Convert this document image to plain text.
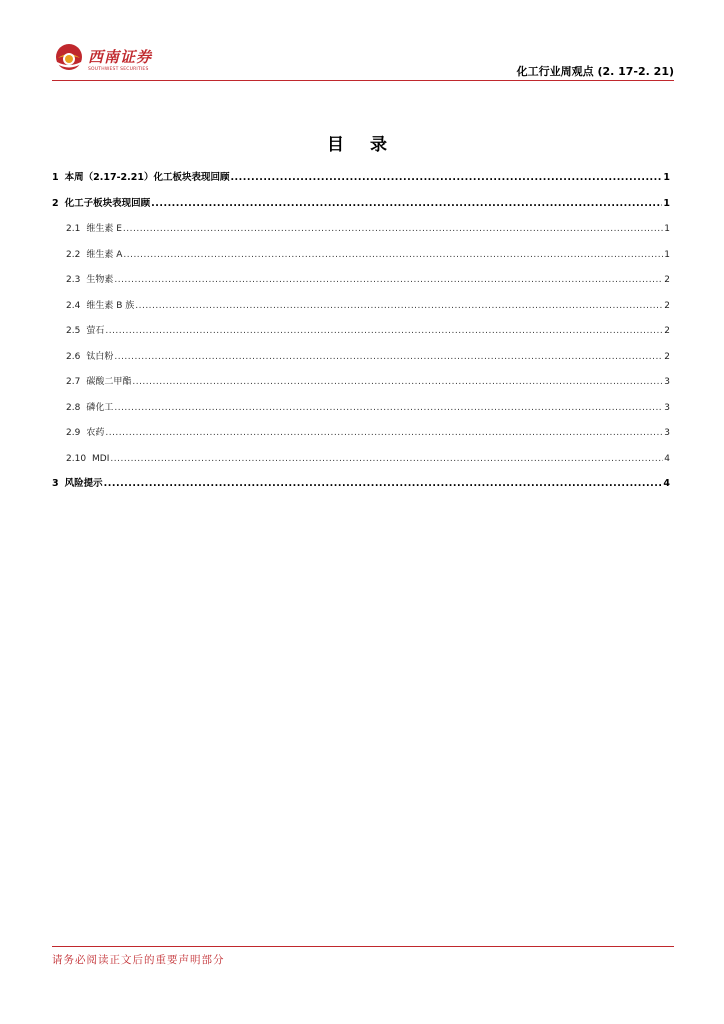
西南证券
SOUTHWEST SECURITIES	化工行业周观点 (2. 17-2. 21)
目 录
1 本周（2.17-2.21）化工板块表现回顾 .....	1
2 化工子板块表现回顾 .....	1
2.1 维生素 E .....	1
2.2 维生素 A .....	1
2.3 生物素 .....	2
2.4 维生素 B 族 .....	2
2.5 萤石 .....	2
2.6 钛白粉 .....	2
2.7 碳酸二甲酯 .....	3
2.8 磷化工 .....	3
2.9 农药 .....	3
2.10 MDI .....	4
3 风险提示 .....	4
请务必阅读正文后的重要声明部分
